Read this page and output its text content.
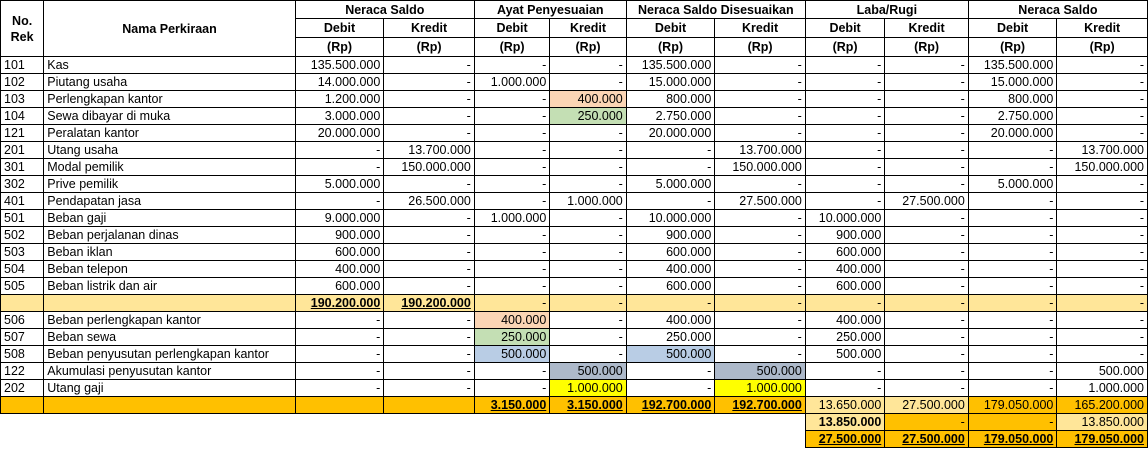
No.
Rek	Nama Perkiraan	Neraca Saldo		Ayat Penyesuaian		Neraca Saldo Disesuaikan		Laba/Rugi		Neraca Saldo	
		Debit	Kredit	Debit	Kredit	Debit	Kredit	Debit	Kredit	Debit	Kredit
		(Rp)	(Rp)	(Rp)	(Rp)	(Rp)	(Rp)	(Rp)	(Rp)	(Rp)	(Rp)
101	Kas	135.500.000	-	-	-	135.500.000	-	-	-	135.500.000	-
102	Piutang usaha	14.000.000	-	1.000.000	-	15.000.000	-	-	-	15.000.000	-
103	Perlengkapan kantor	1.200.000	-	-	400.000	800.000	-	-	-	800.000	-
104	Sewa dibayar di muka	3.000.000	-	-	250.000	2.750.000	-	-	-	2.750.000	-
121	Peralatan kantor	20.000.000	-	-	-	20.000.000	-	-	-	20.000.000	-
201	Utang usaha	-	13.700.000	-	-	-	13.700.000	-	-	-	13.700.000
301	Modal pemilik	-	150.000.000	-	-	-	150.000.000	-	-	-	150.000.000
302	Prive pemilik	5.000.000	-	-	-	5.000.000	-	-	-	5.000.000	-
401	Pendapatan jasa	-	26.500.000	-	1.000.000	-	27.500.000	-	27.500.000	-	-
501	Beban gaji	9.000.000	-	1.000.000	-	10.000.000	-	10.000.000	-	-	-
502	Beban perjalanan dinas	900.000	-	-	-	900.000	-	900.000	-	-	-
503	Beban iklan	600.000	-	-	-	600.000	-	600.000	-	-	-
504	Beban telepon	400.000	-	-	-	400.000	-	400.000	-	-	-
505	Beban listrik dan air	600.000	-	-	-	600.000	-	600.000	-	-	-
		190.200.000	190.200.000	-	-	-	-	-	-	-	-
506	Beban perlengkapan kantor	-	-	400.000	-	400.000	-	400.000	-	-	-
507	Beban sewa	-	-	250.000	-	250.000	-	250.000	-	-	-
508	Beban penyusutan perlengkapan kantor	-	-	500.000	-	500.000	-	500.000	-	-	-
122	Akumulasi penyusutan kantor	-	-	-	500.000	-	500.000	-	-	-	500.000
202	Utang gaji	-	-	-	1.000.000	-	1.000.000	-	-	-	1.000.000
				3.150.000	3.150.000	192.700.000	192.700.000	13.650.000	27.500.000	179.050.000	165.200.000
								13.850.000	-	-	13.850.000
								27.500.000	27.500.000	179.050.000	179.050.000
